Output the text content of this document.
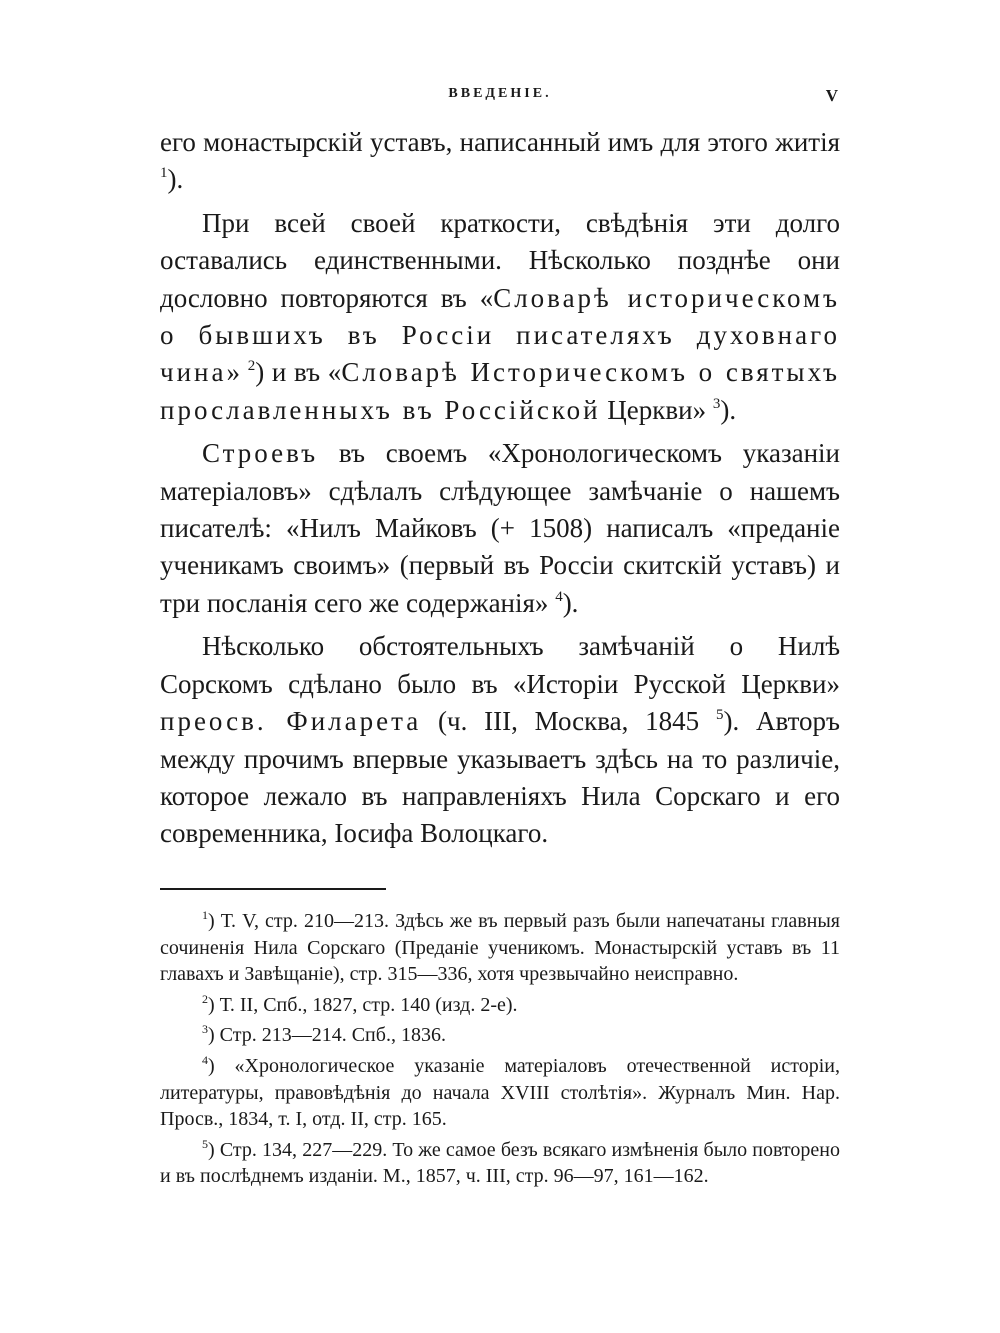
ВВЕДЕНІЕ.	V

его монастырскій уставъ, написанный имъ для этого житія $^1$).

При всей своей краткости, свѣдѣнія эти долго оставались единственными. Нѣсколько позднѣе они дословно повторяются въ «Словарѣ историческомъ о бывшихъ въ Россіи писателяхъ духовнаго чина» $^2$) и въ «Словарѣ Историческомъ о святыхъ прославленныхъ въ Россійской Церкви» $^3$).

Строевъ въ своемъ «Хронологическомъ указаніи матеріаловъ» сдѣлалъ слѣдующее замѣчаніе о нашемъ писателѣ: «Нилъ Майковъ (+ 1508) написалъ «преданіе ученикамъ своимъ» (первый въ Россіи скитскій уставъ) и три посланія сего же содержанія» $^4$).

Нѣсколько обстоятельныхъ замѣчаній о Нилѣ Сорскомъ сдѣлано было въ «Исторіи Русской Церкви» преосв. Филарета (ч. III, Москва, 1845 $^5$). Авторъ между прочимъ впервые указываетъ здѣсь на то различіе, которое лежало въ направленіяхъ Нила Сорскаго и его современника, Іосифа Волоцкаго.

$^1$) Т. V, стр. 210—213. Здѣсь же въ первый разъ были напечатаны главныя сочиненія Нила Сорскаго (Преданіе ученикомъ. Монастырскій уставъ въ 11 главахъ и Завѣщаніе), стр. 315—336, хотя чрезвычайно неисправно.

$^2$) Т. II, Спб., 1827, стр. 140 (изд. 2-е).

$^3$) Стр. 213—214. Спб., 1836.

$^4$) «Хронологическое указаніе матеріаловъ отечественной исторіи, литературы, правовѣдѣнія до начала XVIII столѣтія». Журналъ Мин. Нар. Просв., 1834, т. I, отд. II, стр. 165.

$^5$) Стр. 134, 227—229. То же самое безъ всякаго измѣненія было повторено и въ послѣднемъ изданіи. М., 1857, ч. III, стр. 96—97, 161—162.
